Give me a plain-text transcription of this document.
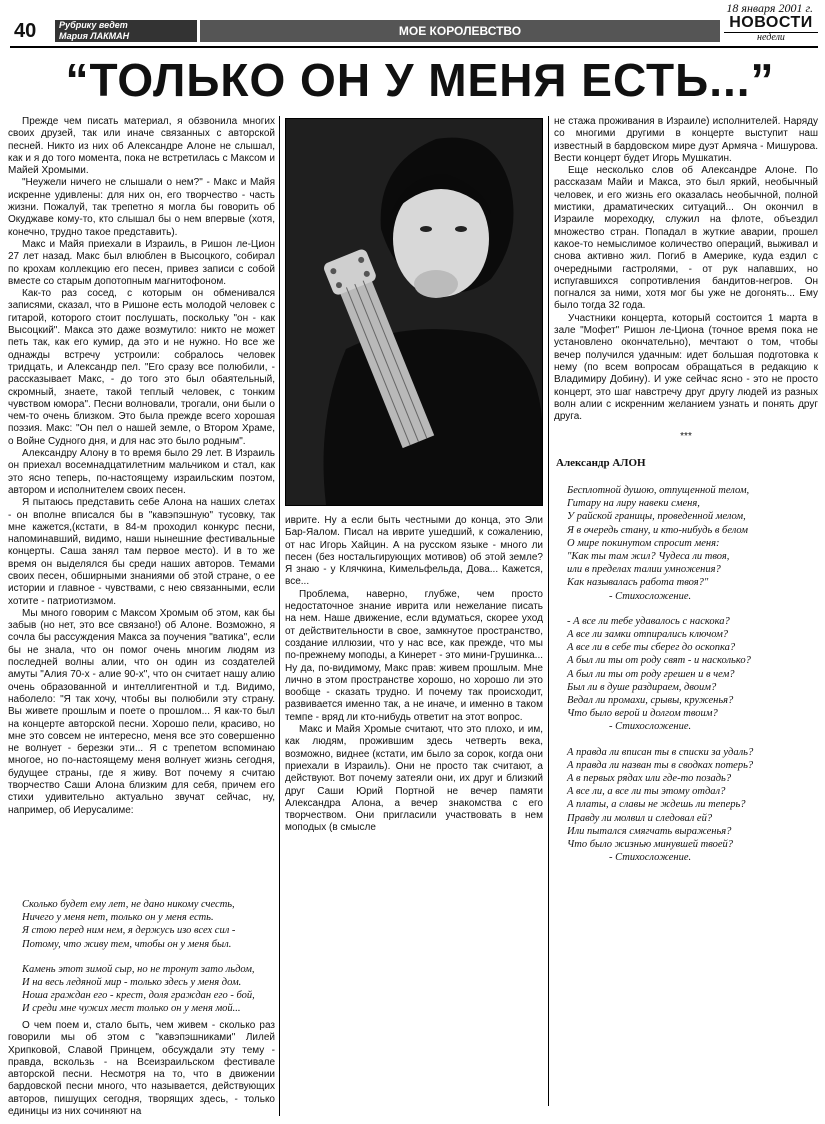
18 января 2001 г.
40	Рубрику ведет
Мария ЛАКМАН	МОЕ КОРОЛЕВСТВО	НОВОСТИ
недели
“ТОЛЬКО ОН У МЕНЯ ЕСТЬ...”

Прежде чем писать материал, я обзвонила многих своих друзей, так или иначе связанных с авторской песней. Никто из них об Александре Алоне не слышал, как и я до того момента, пока не встретилась с Максом и Майей Хромыми.

"Неужели ничего не слышали о нем?" - Макс и Майя искренне удивлены: для них он, его творчество - часть жизни. Пожалуй, так трепетно я могла бы говорить об Окуджаве кому-то, кто слышал бы о нем впервые (хотя, конечно, трудно такое представить).

Макс и Майя приехали в Израиль, в Ришон ле-Цион 27 лет назад. Макс был влюблен в Высоцкого, собирал по крохам коллекцию его песен, привез записи с собой вместе со старым допотопным магнитофоном.

Как-то раз сосед, с которым он обменивался записями, сказал, что в Ришоне есть молодой человек с гитарой, которого стоит послушать, поскольку "он - как Высоцкий". Макса это даже возмутило: никто не может петь так, как его кумир, да это и не нужно. Но все же однажды встречу устроили: собралось человек тридцать, и Александр пел. "Его сразу все полюбили, - рассказывает Макс, - до того это был обаятельный, скромный, знаете, такой теплый человек, с тонким чувством юмора". Песни волновали, трогали, они были о чем-то очень близком. Это была прежде всего хорошая поэзия. Макс: "Он пел о нашей земле, о Втором Храме, о Войне Судного дня, и для нас это было родным".

Александру Алону в то время было 29 лет. В Израиль он приехал восемнадцатилетним мальчиком и стал, как это ясно теперь, по-настоящему израильским поэтом, автором и исполнителем своих песен.

Я пытаюсь представить себе Алона на наших слетах - он вполне вписался бы в "кавэпэшную" тусовку, так мне кажется,(кстати, в 84-м проходил конкурс песни, напоминавший, видимо, наши нынешние фестивальные концерты. Саша занял там первое место). И в то же время он выделялся бы среди наших авторов. Темами своих песен, обширными знаниями об этой стране, о ее истории и главное - чувствами, с нею связанными, если хотите - патриотизмом.

Мы много говорим с Максом Хромым об этом, как бы забыв (но нет, это все связано!) об Алоне. Возможно, я сочла бы рассуждения Макса за поучения "ватика", если бы не знала, что он помог очень многим людям из последней волны алии, что он один из создателей амуты "Алия 70-х - алие 90-х", что он считает нашу алию очень образованной и интеллигентной и т.д. Видимо, наболело: "Я так хочу, чтобы вы полюбили эту страну. Вы живете прошлым и поете о прошлом... Я как-то был на концерте авторской песни. Хорошо пели, красиво, но мне это совсем не интересно, меня все это совершенно не волнует - березки эти... Я с трепетом вспоминаю многое, но по-настоящему меня волнует жизнь сегодня, будущее страны, где я живу. Вот почему я считаю творчество Саши Алона близким для себя, причем его стихи удивительно актуально звучат сейчас, ну, например, об Иерусалиме:

Сколько будет ему лет, не дано никому счесть,
Ничего у меня нет, только он у меня есть.
Я стою перед ним нем, я держусь изо всех сил -
Потому, что живу тем, чтобы он у меня был.
Камень этот зимой сыр, но не тронут зато льдом,
И на весь ледяной мир - только здесь у меня дом.
Ноша граждан его - крест, доля граждан его - бой,
И среди мне чужих мест только он у меня мой...

О чем поем и, стало быть, чем живем - сколько раз говорили мы об этом с "кавэпэшниками" Лилей Хрипковой, Славой Принцем, обсуждали эту тему - правда, вскользь - на Всеизраильском фестивале авторской песни. Несмотря на то, что в движении бардовской песни много, что называется, действующих авторов, пишущих сегодня, творящих здесь, - только единицы из них сочиняют на

иврите. Ну а если быть честными до конца, это Эли Бар-Яалом. Писал на иврите ушедший, к сожалению, от нас Игорь Хайцин. А на русском языке - много ли песен (без ностальгирующих мотивов) об этой земле? Я знаю - у Клячкина, Кимельфельда, Дова... Кажется, все...

Проблема, наверно, глубже, чем просто недостаточное знание иврита или нежелание писать на нем. Наше движение, если вдуматься, скорее уход от действительности в свое, замкнутое пространство, создание иллюзии, что у нас все, как прежде, что мы по-прежнему моподы, а Кинерет - это мини-Грушинка... Ну да, по-видимому, Макс прав: живем прошлым. Мне лично в этом пространстве хорошо, но хорошо ли это вообще - сказать трудно. И почему так происходит, развивается именно так, а не иначе, и именно в таком темпе - вряд ли кто-нибудь ответит на этот вопрос.

Макс и Майя Хромые считают, что это плохо, и им, как людям, прожившим здесь четверть века, возможно, виднее (кстати, им было за сорок, когда они приехали в Израиль). Они не просто так считают, а действуют. Вот почему затеяли они, их друг и близкий друг Саши Юрий Портной не вечер памяти Александра Алона, а вечер знакомства с его творчеством. Они пригласили участвовать в нем моподых (в смысле

не стажа проживания в Израиле) исполнителей. Наряду со многими другими в концерте выступит наш известный в бардовском мире дуэт Армяча - Мишурова. Вести концерт будет Игорь Мушкатин.

Еще несколько слов об Александре Алоне. По рассказам Майи и Макса, это был яркий, необычный человек, и его жизнь его оказалась необычной, полной мистики, драматических ситуаций... Он окончил в Израиле мореходку, служил на флоте, объездил множество стран. Попадал в жуткие аварии, прошел какое-то немыслимое количество операций, выживал и снова активно жил. Погиб в Америке, куда ездил с очередными гастролями, - от рук напавших, но испугавшихся сопротивления бандитов-негров. Он погнался за ними, хотя мог бы уже не догонять... Ему было тогда 32 года.

Участники концерта, который состоится 1 марта в зале "Мофет" Ришон ле-Циона (точное время пока не установлено окончательно), мечтают о том, чтобы вечер получился удачным: идет большая подготовка к нему (по всем вопросам обращаться в редакцию к Владимиру Добину). И уже сейчас ясно - это не просто концерт, это шаг навстречу друг другу людей из разных волн алии с искренним желанием узнать и понять друг друга.

***
Александр АЛОН
Бесплотной душою, отпущенной телом,
Гитару на лиру навеки сменя,
У райской границы, проведенной мелом,
Я в очередь стану, и кто-нибудь в белом
О мире покинутом спросит меня:
"Как ты там жил? Чудеса ли твоя,
или в пределах талии умножения?
Как называлась работа твоя?"
- Стихосложение.
- А все ли тебе удавалось с наскока?
А все ли замки отпирались ключом?
А все ли в себе ты сберег до оскопка?
А был ли ты от роду свят - и насколько?
А был ли ты от роду грешен и в чем?
Был ли в душе раздираем, двоим?
Ведал ли промахи, срывы, круженья?
Что было верой и долгом твоим?
- Стихосложение.
А правда ли вписан ты в списки за удаль?
А правда ли назван ты в сводках потерь?
А в первых рядах или где-то позадь?
А все ли, а все ли ты этому отдал?
А платы, а славы не ждешь ли теперь?
Правду ли молвил и следовал ей?
Или пытался смягчать выраженья?
Что было жизнью минувшей твоей?
- Стихосложение.
